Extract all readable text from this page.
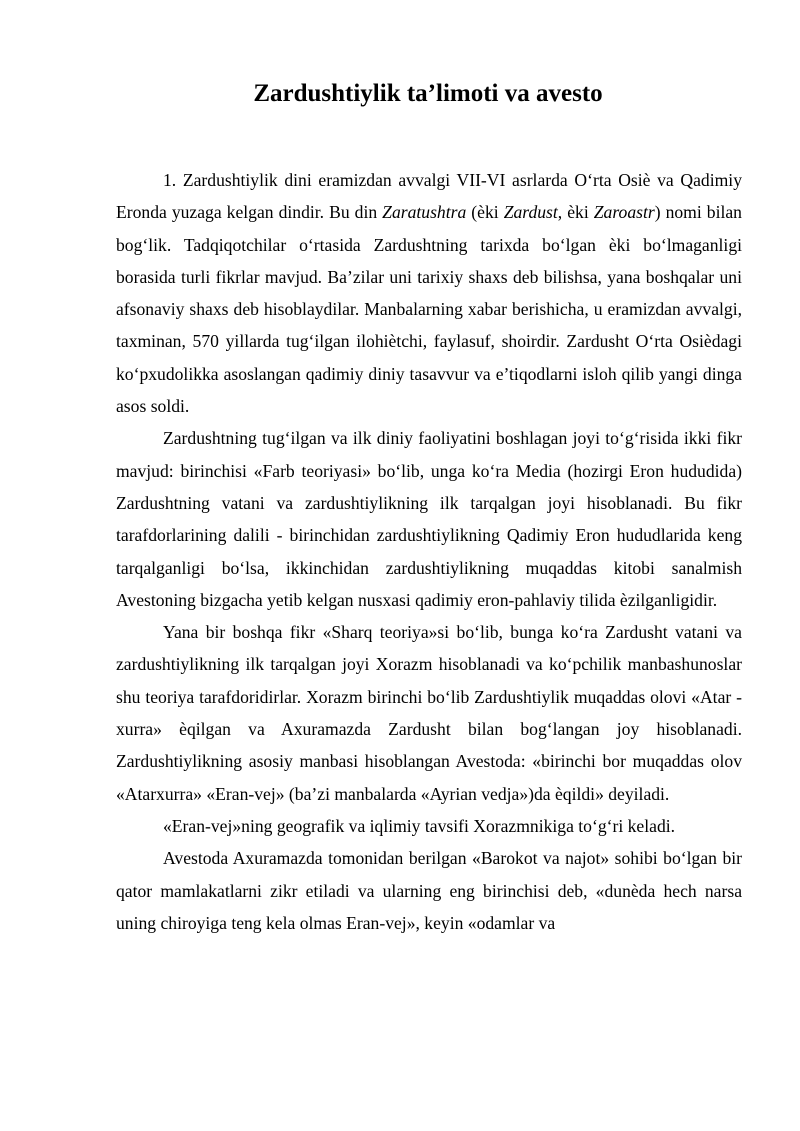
Zardushtiylik ta’limoti va avesto

1. Zardushtiylik dini eramizdan avvalgi VII-VI asrlarda O‘rta Osiè va Qadimiy Eronda yuzaga kelgan dindir. Bu din Zaratushtra (èki Zardust, èki Zaroastr) nomi bilan bog‘lik. Tadqiqotchilar o‘rtasida Zardushtning tarixda bo‘lgan èki bo‘lmaganligi borasida turli fikrlar mavjud. Ba’zilar uni tarixiy shaxs deb bilishsa, yana boshqalar uni afsonaviy shaxs deb hisoblaydilar. Manbalarning xabar berishicha, u eramizdan avvalgi, taxminan, 570 yillarda tug‘ilgan ilohiètchi, faylasuf, shoirdir. Zardusht O‘rta Osièdagi ko‘pxudolikka asoslangan qadimiy diniy tasavvur va e’tiqodlarni isloh qilib yangi dinga asos soldi.

Zardushtning tug‘ilgan va ilk diniy faoliyatini boshlagan joyi to‘g‘risida ikki fikr mavjud: birinchisi «Farb teoriyasi» bo‘lib, unga ko‘ra Media (hozirgi Eron hududida) Zardushtning vatani va zardushtiylikning ilk tarqalgan joyi hisoblanadi. Bu fikr tarafdorlarining dalili - birinchidan zardushtiylikning Qadimiy Eron hududlarida keng tarqalganligi bo‘lsa, ikkinchidan zardushtiylikning muqaddas kitobi sanalmish Avestoning bizgacha yetib kelgan nusxasi qadimiy eron-pahlaviy tilida èzilganligidir.

Yana bir boshqa fikr «Sharq teoriya»si bo‘lib, bunga ko‘ra Zardusht vatani va zardushtiylikning ilk tarqalgan joyi Xorazm hisoblanadi va ko‘pchilik manbashunoslar shu teoriya tarafdoridirlar. Xorazm birinchi bo‘lib Zardushtiylik muqaddas olovi «Atar - xurra» èqilgan va Axuramazda Zardusht bilan bog‘langan joy hisoblanadi. Zardushtiylikning asosiy manbasi hisoblangan Avestoda: «birinchi bor muqaddas olov «Atarxurra» «Eran-vej» (ba’zi manbalarda «Ayrian vedja»)da èqildi» deyiladi.

«Eran-vej»ning geografik va iqlimiy tavsifi Xorazmnikiga to‘g‘ri keladi.

Avestoda Axuramazda tomonidan berilgan «Barokot va najot» sohibi bo‘lgan bir qator mamlakatlarni zikr etiladi va ularning eng birinchisi deb, «dunèda hech narsa uning chiroyiga teng kela olmas Eran-vej», keyin «odamlar va
